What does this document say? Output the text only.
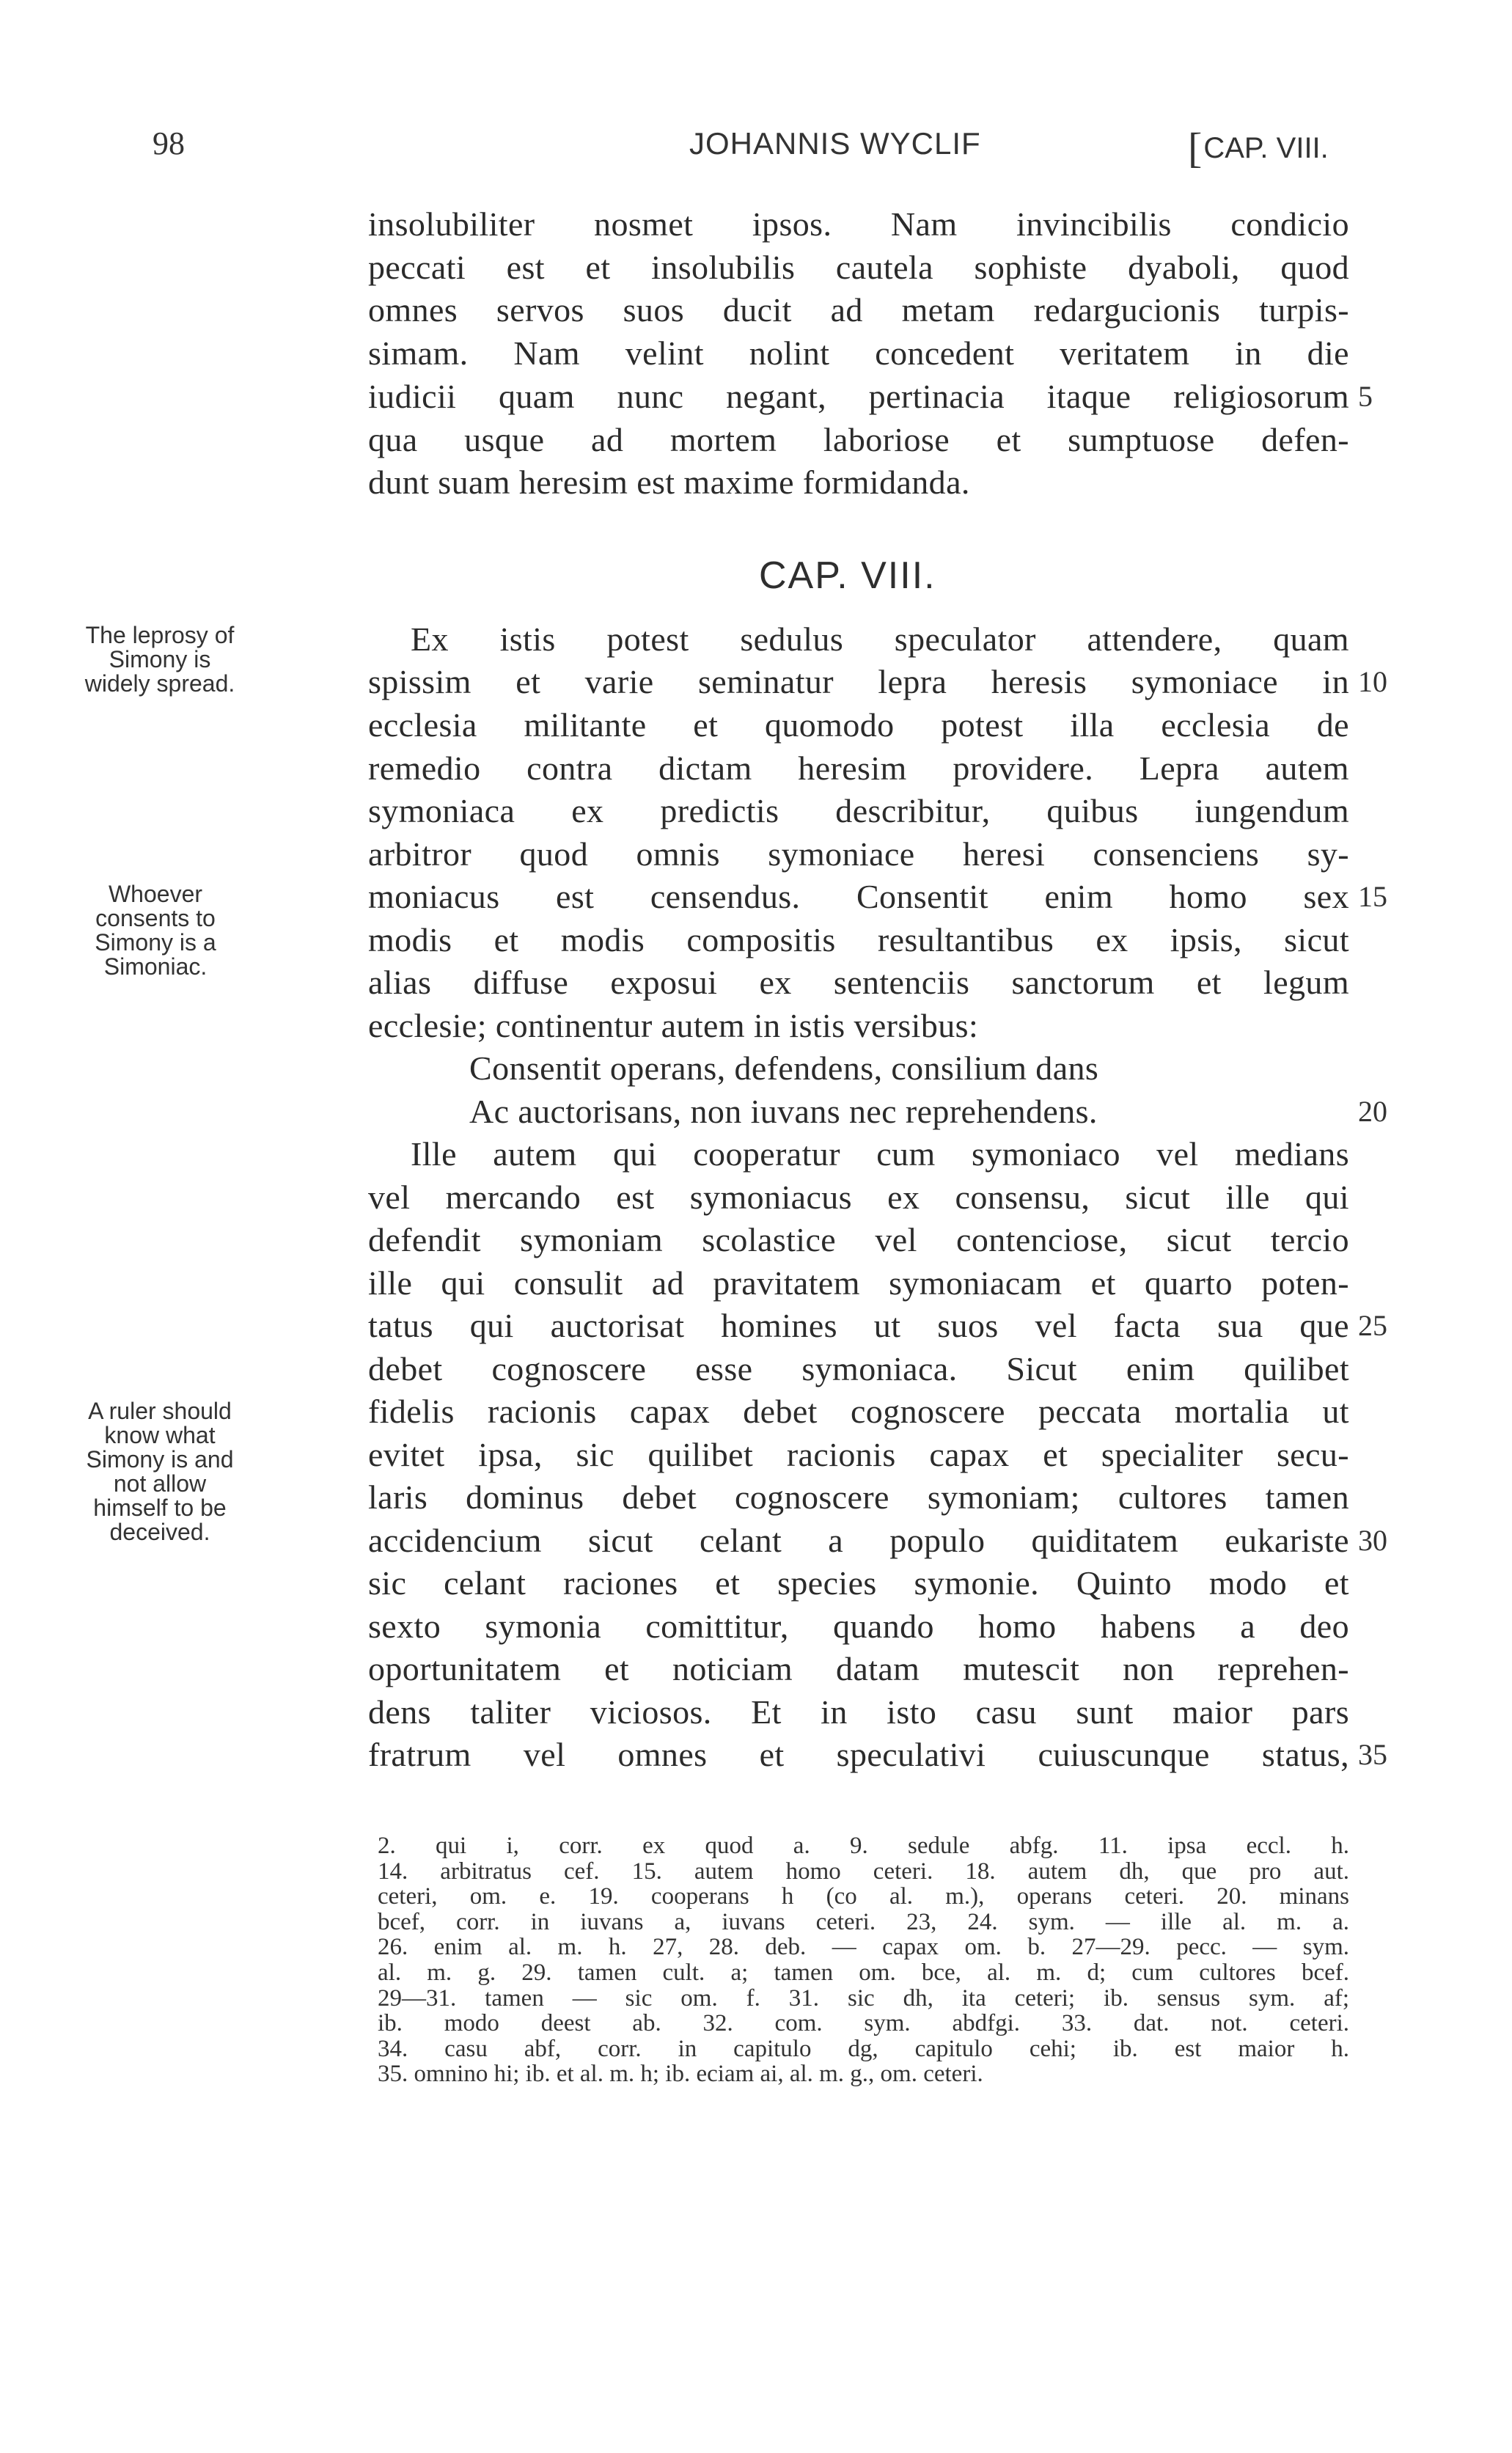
98	JOHANNIS WYCLIF	[CAP. VIII.
CAP. VIII.
insolubiliter nosmet ipsos. Nam invincibilis condicio
peccati est et insolubilis cautela sophiste dyaboli, quod
omnes servos suos ducit ad metam redargucionis turpis-
simam. Nam velint nolint concedent veritatem in die
iudicii quam nunc negant, pertinacia itaque religiosorum 5
qua usque ad mortem laboriose et sumptuose defen-
dunt suam heresim est maxime formidanda.
Ex istis potest sedulus speculator attendere, quam
spissim et varie seminatur lepra heresis symoniace in 10
ecclesia militante et quomodo potest illa ecclesia de
remedio contra dictam heresim providere. Lepra autem
symoniaca ex predictis describitur, quibus iungendum
arbitror quod omnis symoniace heresi consenciens sy-
moniacus est censendus. Consentit enim homo sex 15
modis et modis compositis resultantibus ex ipsis, sicut
alias diffuse exposui ex sentenciis sanctorum et legum
ecclesie; continentur autem in istis versibus:
Consentit operans, defendens, consilium dans
Ac auctorisans, non iuvans nec reprehendens.	20
Ille autem qui cooperatur cum symoniaco vel medians
vel mercando est symoniacus ex consensu, sicut ille qui
defendit symoniam scolastice vel contenciose, sicut tercio
ille qui consulit ad pravitatem symoniacam et quarto poten-
tatus qui auctorisat homines ut suos vel facta sua que 25
debet cognoscere esse symoniaca. Sicut enim quilibet
fidelis racionis capax debet cognoscere peccata mortalia ut
evitet ipsa, sic quilibet racionis capax et specialiter secu-
laris dominus debet cognoscere symoniam; cultores tamen
accidencium sicut celant a populo quiditatem eukariste 30
sic celant raciones et species symonie. Quinto modo et
sexto symonia comittitur, quando homo habens a deo
oportunitatem et noticiam datam mutescit non reprehen-
dens taliter viciosos. Et in isto casu sunt maior pars
fratrum vel omnes et speculativi cuiuscunque status, 35
The leprosy of
Simony is
widely spread.
Whoever
consents to
Simony is a
Simoniac.
A ruler should
know what
Simony is and
not allow
himself to be
deceived.
2. qui i, corr. ex quod a. 9. sedule abfg. 11. ipsa eccl. h.
14. arbitratus cef. 15. autem homo ceteri. 18. autem dh, que pro aut.
ceteri, om. e. 19. cooperans h (co al. m.), operans ceteri. 20. minans
bcef, corr. in iuvans a, iuvans ceteri. 23, 24. sym. — ille al. m. a.
26. enim al. m. h. 27, 28. deb. — capax om. b. 27—29. pecc. — sym.
al. m. g. 29. tamen cult. a; tamen om. bce, al. m. d; cum cultores bcef.
29—31. tamen — sic om. f. 31. sic dh, ita ceteri; ib. sensus sym. af;
ib. modo deest ab. 32. com. sym. abdfgi. 33. dat. not. ceteri.
34. casu abf, corr. in capitulo dg, capitulo cehi; ib. est maior h.
35. omnino hi; ib. et al. m. h; ib. eciam ai, al. m. g., om. ceteri.
